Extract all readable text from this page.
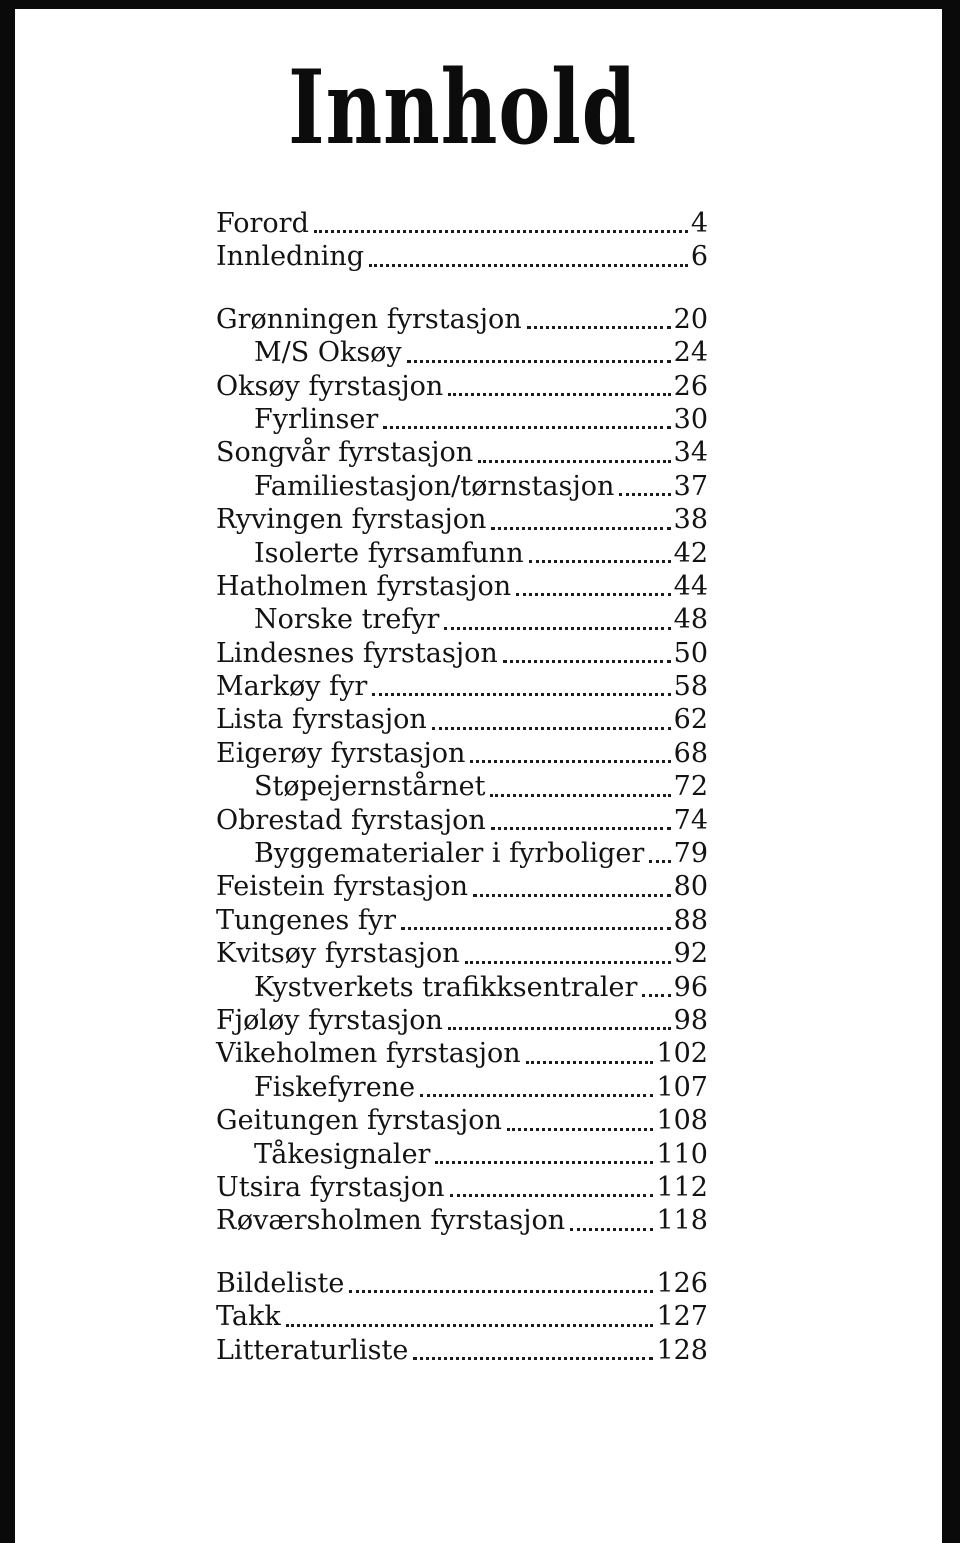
Innhold
Forord	4
Innledning	6
Grønningen fyrstasjon	20
M/S Oksøy	24
Oksøy fyrstasjon	26
Fyrlinser	30
Songvår fyrstasjon	34
Familiestasjon/tørnstasjon 37
Ryvingen fyrstasjon	38
Isolerte fyrsamfunn	42
Hatholmen fyrstasjon	44
Norske trefyr	48
Lindesnes fyrstasjon	50
Markøy fyr	58
Lista fyrstasjon	62
Eigerøy fyrstasjon	68
Støpejernstårnet	72
Obrestad fyrstasjon	74
Byggematerialer i fyrboliger 79
Feistein fyrstasjon	80
Tungenes fyr	88
Kvitsøy fyrstasjon	92
Kystverkets trafikksentraler 96
Fjøløy fyrstasjon	98
Vikeholmen fyrstasjon	102
Fiskefyrene	107
Geitungen fyrstasjon	108
Tåkesignaler	110
Utsira fyrstasjon	112
Røværsholmen fyrstasjon	118
Bildeliste	126
Takk	127
Litteraturliste	128
